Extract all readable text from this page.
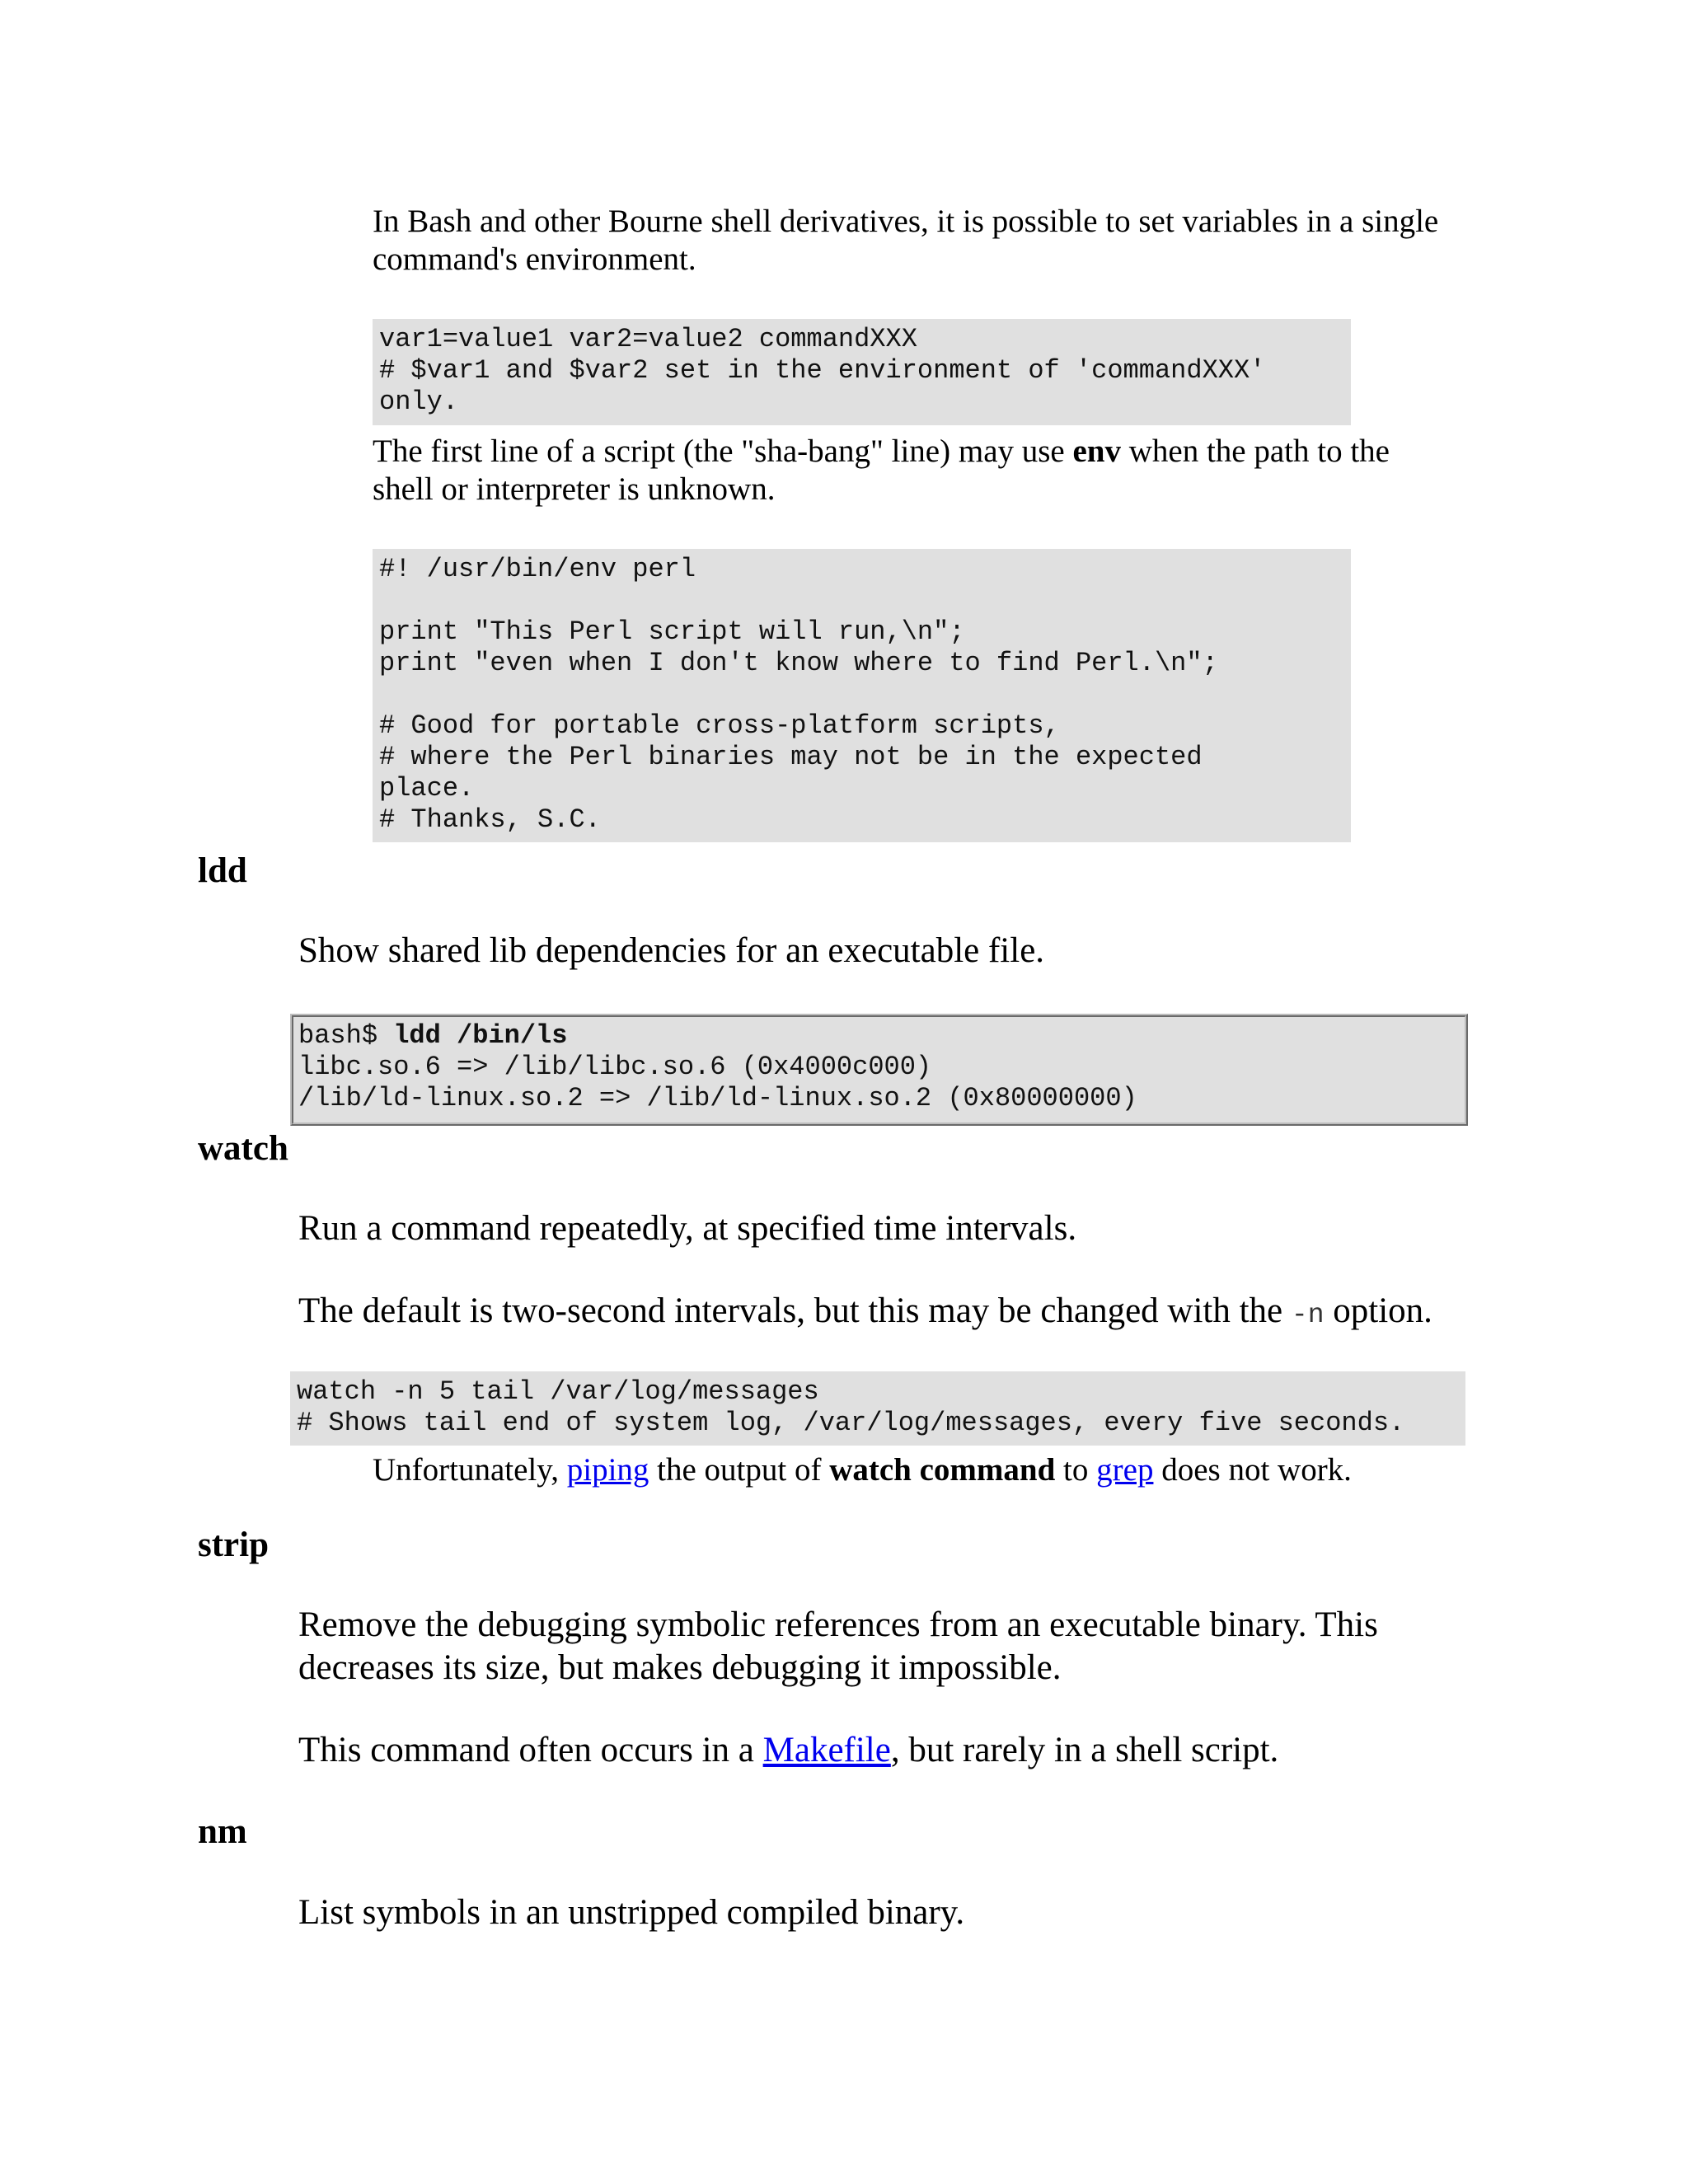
In Bash and other Bourne shell derivatives, it is possible to set variables in a single command's environment.

var1=value1 var2=value2 commandXXX
# $var1 and $var2 set in the environment of 'commandXXX'
only.

The first line of a script (the "sha-bang" line) may use env when the path to the shell or interpreter is unknown.

#! /usr/bin/env perl

print "This Perl script will run,\n";
print "even when I don't know where to find Perl.\n";

# Good for portable cross-platform scripts,
# where the Perl binaries may not be in the expected
place.
# Thanks, S.C.

ldd

Show shared lib dependencies for an executable file.

bash$ ldd /bin/ls
libc.so.6 => /lib/libc.so.6 (0x4000c000)
/lib/ld-linux.so.2 => /lib/ld-linux.so.2 (0x80000000)

watch

Run a command repeatedly, at specified time intervals.

The default is two-second intervals, but this may be changed with the -n option.

watch -n 5 tail /var/log/messages
# Shows tail end of system log, /var/log/messages, every five seconds.

Unfortunately, piping the output of watch command to grep does not work.

strip

Remove the debugging symbolic references from an executable binary. This decreases its size, but makes debugging it impossible.

This command often occurs in a Makefile, but rarely in a shell script.

nm

List symbols in an unstripped compiled binary.
